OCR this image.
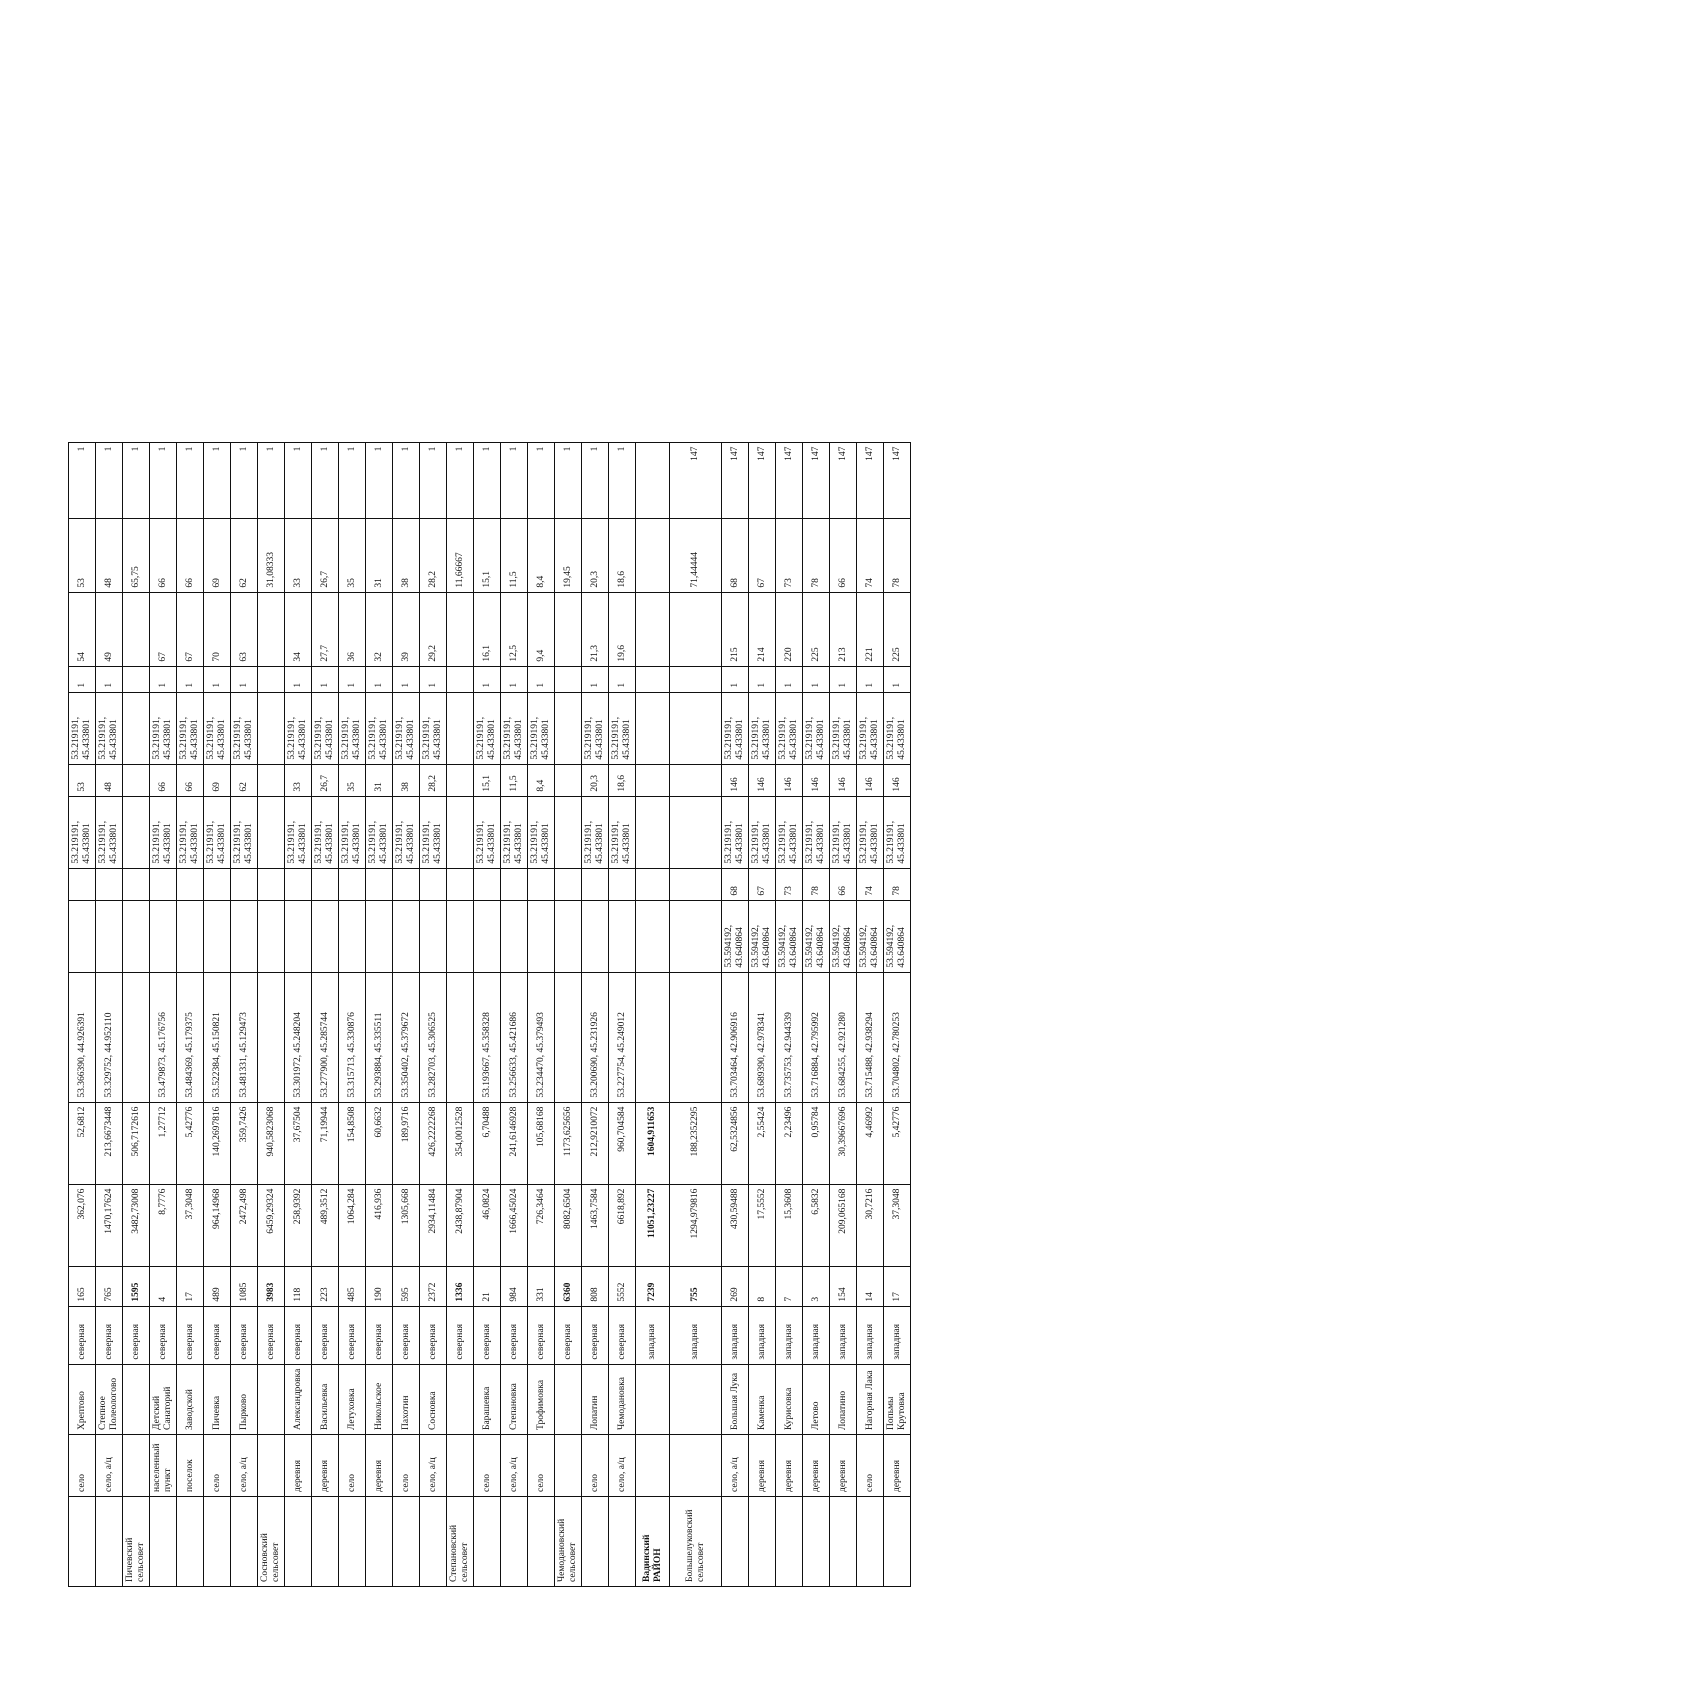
	село	Хрептово	северная	165	362,076	52,6812	53.366390, 44.926391			53.219191, 45.433801	53	53.219191, 45.433801	1	54	53	1
	село, а/ц	Степное Полеологово	северная	765	1470,17624	213,6673448	53.329752, 44.952110			53.219191, 45.433801	48	53.219191, 45.433801	1	49	48	1
Пичевский сельсовет			северная	1595	3482,73008	506,7172616									65,75	1
	населенный пункт	Детский Санаторий	северная	4	8,7776	1,27712	53.479873, 45.176756			53.219191, 45.433801	66	53.219191, 45.433801	1	67	66	1
	поселок	Заводской	северная	17	37,3048	5,42776	53.484369, 45.179375			53.219191, 45.433801	66	53.219191, 45.433801	1	67	66	1
	село	Пичевка	северная	489	964,14968	140,2697816	53.522384, 45.150821			53.219191, 45.433801	69	53.219191, 45.433801	1	70	69	1
	село, а/ц	Пырково	северная	1085	2472,498	359,7426	53.481331, 45.129473			53.219191, 45.433801	62	53.219191, 45.433801	1	63	62	1
Сосновский сельсовет			северная	3983	6459,29324	940,5823068									31,08333	1
	деревня	Александровка	северная	118	258,9392	37,67504	53.301972, 45.248204			53.219191, 45.433801	33	53.219191, 45.433801	1	34	33	1
	деревня	Васильевка	северная	223	489,3512	71,19944	53.277900, 45.285744			53.219191, 45.433801	26,7	53.219191, 45.433801	1	27,7	26,7	1
	село	Летуховка	северная	485	1064,284	154,8508	53.315713, 45.330876			53.219191, 45.433801	35	53.219191, 45.433801	1	36	35	1
	деревня	Никольское	северная	190	416,936	60,6632	53.293884, 45.335511			53.219191, 45.433801	31	53.219191, 45.433801	1	32	31	1
	село	Пахотин	северная	595	1305,668	189,9716	53.350402, 45.379672			53.219191, 45.433801	38	53.219191, 45.433801	1	39	38	1
	село, а/ц	Сосновка	северная	2372	2934,11484	426,2222268	53.282703, 45.306525			53.219191, 45.433801	28,2	53.219191, 45.433801	1	29,2	28,2	1
Степановский сельсовет			северная	1336	2438,87904	354,0012528									11,66667	1
	село	Барашевка	северная	21	46,0824	6,70488	53.193667, 45.358328			53.219191, 45.433801	15,1	53.219191, 45.433801	1	16,1	15,1	1
	село, а/ц	Степановка	северная	984	1666,45024	241,6146928	53.256633, 45.421686			53.219191, 45.433801	11,5	53.219191, 45.433801	1	12,5	11,5	1
	село	Трофимовка	северная	331	726,3464	105,68168	53.234470, 45.379493			53.219191, 45.433801	8,4	53.219191, 45.433801	1	9,4	8,4	1
Чемодановский сельсовет			северная	6360	8082,6504	1173,625656									19,45	1
	село	Лопатин	северная	808	1463,7584	212,9210072	53.200690, 45.231926			53.219191, 45.433801	20,3	53.219191, 45.433801	1	21,3	20,3	1
	село, а/ц	Чемодановка	северная	5552	6618,892	960,704584	53.227754, 45.249012			53.219191, 45.433801	18,6	53.219191, 45.433801	1	19,6	18,6	1
Вадинский РАЙОН			западная	7239	11051,23227	1604,911653										
Большелуковский сельсовет			западная	755	1294,979816	188,2352295									71,44444	147
	село, а/ц	Большая Лука	западная	269	430,59488	62,5324856	53.703464, 42.906916	53.594192, 43.640864	68	53.219191, 45.433801	146	53.219191, 45.433801	1	215	68	147
	деревня	Каменка	западная	8	17,5552	2,55424	53.689390, 42.978341	53.594192, 43.640864	67	53.219191, 45.433801	146	53.219191, 45.433801	1	214	67	147
	деревня	Курисовка	западная	7	15,3608	2,23496	53.735753, 42.944339	53.594192, 43.640864	73	53.219191, 45.433801	146	53.219191, 45.433801	1	220	73	147
	деревня	Летово	западная	3	6,5832	0,95784	53.716884, 42.795992	53.594192, 43.640864	78	53.219191, 45.433801	146	53.219191, 45.433801	1	225	78	147
	деревня	Лопатино	западная	154	209,065168	30,39667696	53.684255, 42.921280	53.594192, 43.640864	66	53.219191, 45.433801	146	53.219191, 45.433801	1	213	66	147
	село	Нагорная Лака	западная	14	30,7216	4,46992	53.715488, 42.938294	53.594192, 43.640864	74	53.219191, 45.433801	146	53.219191, 45.433801	1	221	74	147
	деревня	Попьмы Крутовка	западная	17	37,3048	5,42776	53.704802, 42.780253	53.594192, 43.640864	78	53.219191, 45.433801	146	53.219191, 45.433801	1	225	78	147
